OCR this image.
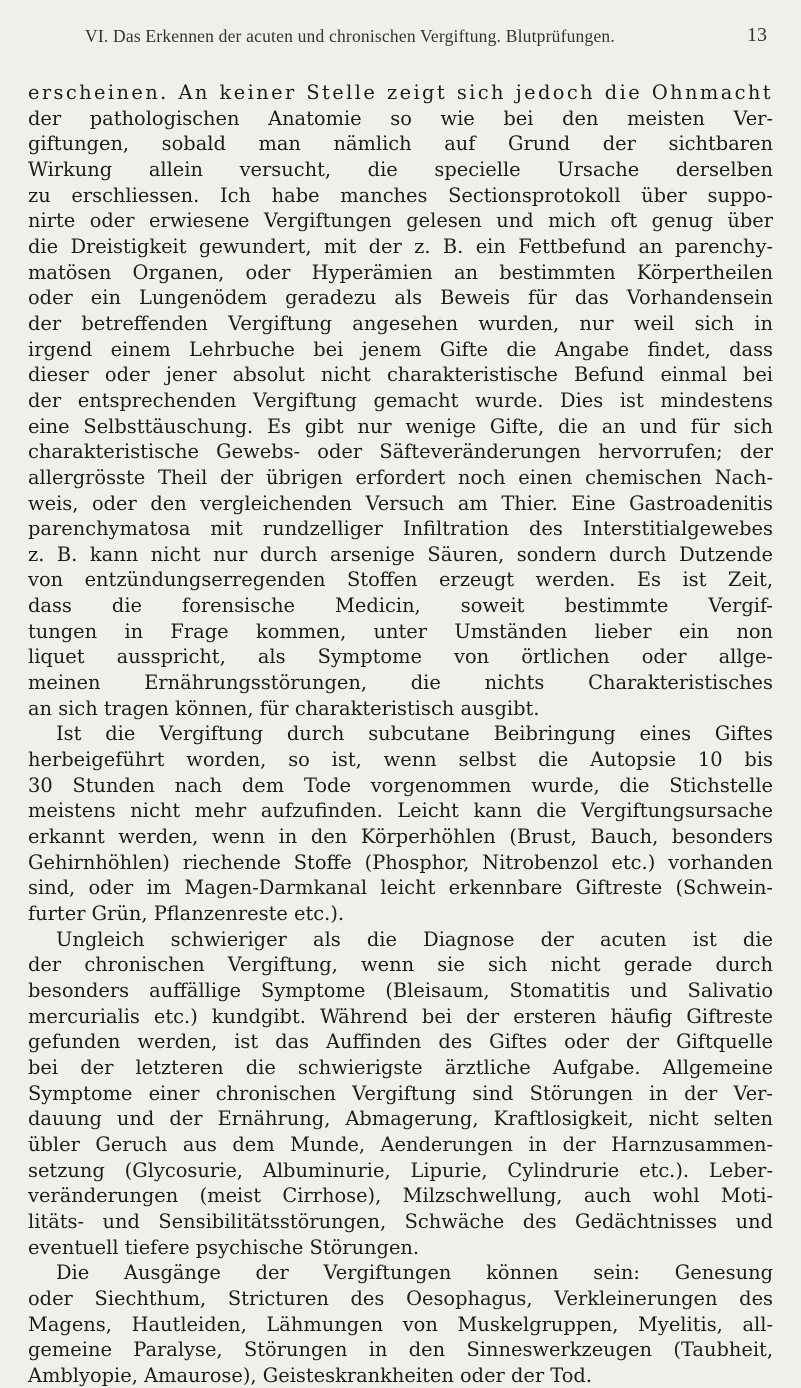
VI. Das Erkennen der acuten und chronischen Vergiftung. Blutprüfungen.	13
erscheinen. An keiner Stelle zeigt sich jedoch die Ohnmacht
der pathologischen Anatomie so wie bei den meisten Ver-
giftungen, sobald man nämlich auf Grund der sichtbaren
Wirkung allein versucht, die specielle Ursache derselben
zu erschliessen. Ich habe manches Sectionsprotokoll über suppo-
nirte oder erwiesene Vergiftungen gelesen und mich oft genug über
die Dreistigkeit gewundert, mit der z. B. ein Fettbefund an parenchy-
matösen Organen, oder Hyperämien an bestimmten Körpertheilen
oder ein Lungenödem geradezu als Beweis für das Vorhandensein
der betreffenden Vergiftung angesehen wurden, nur weil sich in
irgend einem Lehrbuche bei jenem Gifte die Angabe findet, dass
dieser oder jener absolut nicht charakteristische Befund einmal bei
der entsprechenden Vergiftung gemacht wurde. Dies ist mindestens
eine Selbsttäuschung. Es gibt nur wenige Gifte, die an und für sich
charakteristische Gewebs- oder Säfteveränderungen hervorrufen; der
allergrösste Theil der übrigen erfordert noch einen chemischen Nach-
weis, oder den vergleichenden Versuch am Thier. Eine Gastroadenitis
parenchymatosa mit rundzelliger Infiltration des Interstitialgewebes
z. B. kann nicht nur durch arsenige Säuren, sondern durch Dutzende
von entzündungserregenden Stoffen erzeugt werden. Es ist Zeit,
dass die forensische Medicin, soweit bestimmte Vergif-
tungen in Frage kommen, unter Umständen lieber ein non
liquet ausspricht, als Symptome von örtlichen oder allge-
meinen Ernährungsstörungen, die nichts Charakteristisches
an sich tragen können, für charakteristisch ausgibt.
Ist die Vergiftung durch subcutane Beibringung eines Giftes
herbeigeführt worden, so ist, wenn selbst die Autopsie 10 bis
30 Stunden nach dem Tode vorgenommen wurde, die Stichstelle
meistens nicht mehr aufzufinden. Leicht kann die Vergiftungsursache
erkannt werden, wenn in den Körperhöhlen (Brust, Bauch, besonders
Gehirnhöhlen) riechende Stoffe (Phosphor, Nitrobenzol etc.) vorhanden
sind, oder im Magen-Darmkanal leicht erkennbare Giftreste (Schwein-
furter Grün, Pflanzenreste etc.).
Ungleich schwieriger als die Diagnose der acuten ist die
der chronischen Vergiftung, wenn sie sich nicht gerade durch
besonders auffällige Symptome (Bleisaum, Stomatitis und Salivatio
mercurialis etc.) kundgibt. Während bei der ersteren häufig Giftreste
gefunden werden, ist das Auffinden des Giftes oder der Giftquelle
bei der letzteren die schwierigste ärztliche Aufgabe. Allgemeine
Symptome einer chronischen Vergiftung sind Störungen in der Ver-
dauung und der Ernährung, Abmagerung, Kraftlosigkeit, nicht selten
übler Geruch aus dem Munde, Aenderungen in der Harnzusammen-
setzung (Glycosurie, Albuminurie, Lipurie, Cylindrurie etc.). Leber-
veränderungen (meist Cirrhose), Milzschwellung, auch wohl Moti-
litäts- und Sensibilitätsstörungen, Schwäche des Gedächtnisses und
eventuell tiefere psychische Störungen.
Die Ausgänge der Vergiftungen können sein: Genesung
oder Siechthum, Stricturen des Oesophagus, Verkleinerungen des
Magens, Hautleiden, Lähmungen von Muskelgruppen, Myelitis, all-
gemeine Paralyse, Störungen in den Sinneswerkzeugen (Taubheit,
Amblyopie, Amaurose), Geisteskrankheiten oder der Tod.
